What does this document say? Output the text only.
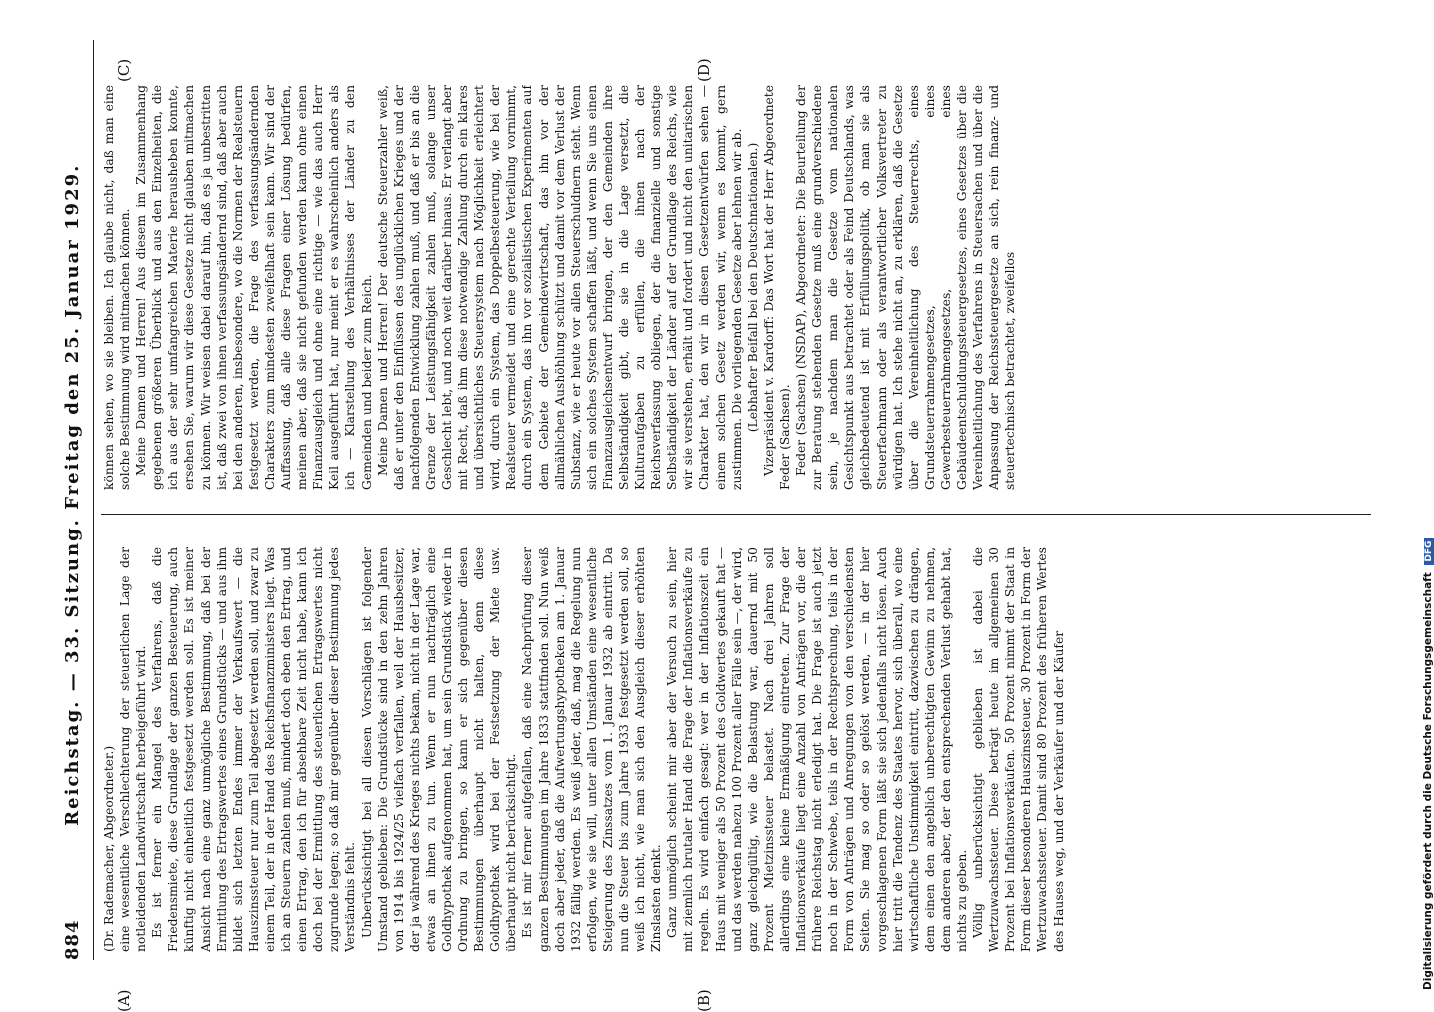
884
Reichstag. — 33. Sitzung. Freitag den 25. Januar 1929.

(Dr. Rademacher, Abgeordneter.) eine wesentliche Verschlechterung der steuerlichen Lage der notleidenden Landwirtschaft herbeigeführt wird. Es ist ferner ein Mangel des Verfahrens, daß die Friedensmiete, diese Grundlage der ganzen Besteuerung, auch künftig nicht einheitlich festgesetzt werden soll. Es ist meiner Ansicht nach eine ganz unmögliche Bestimmung, daß bei der Ermittlung des Ertragswertes eines Grundstücks — und aus ihm bildet sich letzten Endes immer der Verkaufswert — die Hauszinssteuer nur zum Teil abgesetzt werden soll, und zwar zu einem Teil, der in der Hand des Reichsfinanzministers liegt. Was ich an Steuern zahlen muß, mindert doch eben den Ertrag, und einen Ertrag, den ich für absehbare Zeit nicht habe, kann ich doch bei der Ermittlung des steuerlichen Ertragswertes nicht zugrunde legen; so daß mir gegenüber dieser Bestimmung jedes Verständnis fehlt. Unberücksichtigt bei all diesen Vorschlägen ist folgender Umstand geblieben: Die Grundstücke sind in den zehn Jahren von 1914 bis 1924/25 vielfach verfallen, weil der Hausbesitzer, der ja während des Krieges nichts bekam, nicht in der Lage war, etwas an ihnen zu tun. Wenn er nun nachträglich eine Goldhypothek aufgenommen hat, um sein Grundstück wieder in Ordnung zu bringen, so kann er sich gegenüber diesen Bestimmungen überhaupt nicht halten, denn diese Goldhypothek wird bei der Festsetzung der Miete usw. überhaupt nicht berücksichtigt. Es ist mir ferner aufgefallen, daß eine Nachprüfung dieser ganzen Bestimmungen im Jahre 1833 stattfinden soll. Nun weiß doch aber jeder, daß die Aufwertungshypotheken am 1. Januar 1932 fällig werden. Es weiß jeder, daß, mag die Regelung nun erfolgen, wie sie will, unter allen Umständen eine wesentliche Steigerung des Zinssatzes vom 1. Januar 1932 ab eintritt. Da nun die Steuer bis zum Jahre 1933 festgesetzt werden soll, so weiß ich nicht, wie man sich den Ausgleich dieser erhöhten Zinslasten denkt. Ganz unmöglich scheint mir aber der Versuch zu sein, hier mit ziemlich brutaler Hand die Frage der Inflationsverkäufe zu regeln. Es wird einfach gesagt: wer in der Inflationszeit ein Haus mit weniger als 50 Prozent des Goldwertes gekauft hat — und das werden nahezu 100 Prozent aller Fälle sein —, der wird, ganz gleichgültig, wie die Belastung war, dauernd mit 50 Prozent Mietzinssteuer belastet. Nach drei Jahren soll allerdings eine kleine Ermäßigung eintreten. Zur Frage der Inflationsverkäufe liegt eine Anzahl von Anträgen vor, die der frühere Reichstag nicht erledigt hat. Die Frage ist auch jetzt noch in der Schwebe, teils in der Rechtsprechung, teils in der Form von Anträgen und Anregungen von den verschiedensten Seiten. Sie mag so oder so gelöst werden, — in der hier vorgeschlagenen Form läßt sie sich jedenfalls nicht lösen. Auch hier tritt die Tendenz des Staates hervor, sich überall, wo eine wirtschaftliche Unstimmigkeit eintritt, dazwischen zu drängen, dem einen den angeblich unberechtigten Gewinn zu nehmen, dem anderen aber, der den entsprechenden Verlust gehabt hat, nichts zu geben. Völlig unberücksichtigt geblieben ist dabei die Wertzuwachssteuer. Diese beträgt heute im allgemeinen 30 Prozent bei Inflationsverkäufen. 50 Prozent nimmt der Staat in Form dieser besonderen Hauszinssteuer, 30 Prozent in Form der Wertzuwachssteuer. Damit sind 80 Prozent des früheren Wertes des Hauses weg, und der Verkäufer und der Käufer

können sehen, wo sie bleiben. Ich glaube nicht, daß man eine solche Bestimmung wird mitmachen können. Meine Damen und Herren! Aus diesem im Zusammenhang gegebenen größeren Überblick und aus den Einzelheiten, die ich aus der sehr umfangreichen Materie herausheben konnte, ersehen Sie, warum wir diese Gesetze nicht glauben mitmachen zu können. Wir weisen dabei darauf hin, daß es ja unbestritten ist, daß zwei von ihnen verfassungsändernd sind, daß aber auch bei den anderen, insbesondere, wo die Normen der Realsteuern festgesetzt werden, die Frage des verfassungsändernden Charakters zum mindesten zweifelhaft sein kann. Wir sind der Auffassung, daß alle diese Fragen einer Lösung bedürfen, meinen aber, daß sie nicht gefunden werden kann ohne einen Finanzausgleich und ohne eine richtige — wie das auch Herr Keil ausgeführt hat, nur meint er es wahrscheinlich anders als ich — Klarstellung des Verhältnisses der Länder zu den Gemeinden und beider zum Reich. Meine Damen und Herren! Der deutsche Steuerzahler weiß, daß er unter den Einflüssen des unglücklichen Krieges und der nachfolgenden Entwicklung zahlen muß, und daß er bis an die Grenze der Leistungsfähigkeit zahlen muß, solange unser Geschlecht lebt, und noch weit darüber hinaus. Er verlangt aber mit Recht, daß ihm diese notwendige Zahlung durch ein klares und übersichtliches Steuersystem nach Möglichkeit erleichtert wird, durch ein System, das Doppelbesteuerung, wie bei der Realsteuer vermeidet und eine gerechte Verteilung vornimmt, durch ein System, das ihn vor sozialistischen Experimenten auf dem Gebiete der Gemeindewirtschaft, das ihn vor der allmählichen Aushöhlung schützt und damit vor dem Verlust der Substanz, wie er heute vor allen Steuerschuldnern steht. Wenn sich ein solches System schaffen läßt, und wenn Sie uns einen Finanzausgleichsentwurf bringen, der den Gemeinden ihre Selbständigkeit gibt, die sie in die Lage versetzt, die Kulturaufgaben zu erfüllen, die ihnen nach der Reichsverfassung obliegen, der die finanzielle und sonstige Selbständigkeit der Länder auf der Grundlage des Reichs, wie wir sie verstehen, erhält und fordert und nicht den unitarischen Charakter hat, den wir in diesen Gesetzentwürfen sehen — einem solchen Gesetz werden wir, wenn es kommt, gern zustimmen. Die vorliegenden Gesetze aber lehnen wir ab. (Lebhafter Beifall bei den Deutschnationalen.) Vizepräsident v. Kardorff: Das Wort hat der Herr Abgeordnete Feder (Sachsen). Feder (Sachsen) (NSDAP), Abgeordneter: Die Beurteilung der zur Beratung stehenden Gesetze muß eine grundverschiedene sein, je nachdem man die Gesetze vom nationalen Gesichtspunkt aus betrachtet oder als Feind Deutschlands, was gleichbedeutend ist mit Erfüllungspolitik, ob man sie als Steuerfachmann oder als verantwortlicher Volksvertreter zu würdigen hat. Ich stehe nicht an, zu erklären, daß die Gesetze über die Vereinheitlichung des Steuerrechts, eines Grundsteuerrahmengesetzes, eines Gewerbesteuerrahmengesetzes, eines Gebäudeentschuldungssteuergesetzes, eines Gesetzes über die Vereinheitlichung des Verfahrens in Steuersachen und über die Anpassung der Reichssteuergesetze an sich, rein finanz- und steuertechnisch betrachtet, zweifellos

(A)	(B)
(C)	(D)
Digitalisierung gefördert durch die Deutsche Forschungsgemeinschaft DFG
